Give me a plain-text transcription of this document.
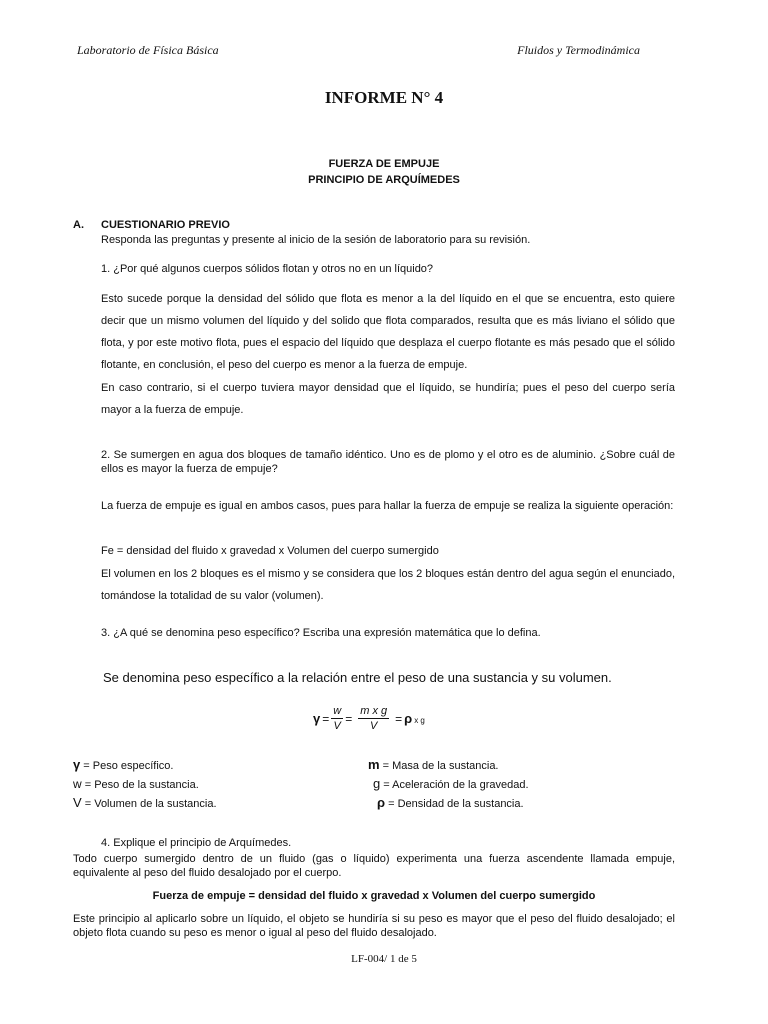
Laboratorio de Física Básica	Fluidos y Termodinámica
INFORME N° 4
FUERZA DE EMPUJE
PRINCIPIO DE ARQUÍMEDES
A. CUESTIONARIO PREVIO
Responda las preguntas y presente al inicio de la sesión de laboratorio para su revisión.
1. ¿Por qué algunos cuerpos sólidos flotan y otros no en un líquido?
Esto sucede porque la densidad del sólido que flota es menor a la del líquido en el que se encuentra, esto quiere decir que un mismo volumen del líquido y del solido que flota comparados, resulta que es más liviano el sólido que flota, y por este motivo flota, pues el espacio del líquido que desplaza el cuerpo flotante es más pesado que el sólido flotante, en conclusión, el peso del cuerpo es menor a la fuerza de empuje.
En caso contrario, si el cuerpo tuviera mayor densidad que el líquido, se hundiría; pues el peso del cuerpo sería mayor a la fuerza de empuje.
2. Se sumergen en agua dos bloques de tamaño idéntico. Uno es de plomo y el otro es de aluminio. ¿Sobre cuál de ellos es mayor la fuerza de empuje?
La fuerza de empuje es igual en ambos casos, pues para hallar la fuerza de empuje se realiza la siguiente operación:
Fe = densidad del fluido x gravedad x Volumen del cuerpo sumergido
El volumen en los 2 bloques es el mismo y se considera que los 2 bloques están dentro del agua según el enunciado, tomándose la totalidad de su valor (volumen).
3. ¿A qué se denomina peso específico? Escriba una expresión matemática que lo defina.
Se denomina peso específico a la relación entre el peso de una sustancia y su volumen.
$\gamma = \frac{w}{V} = \frac{\text{m x g}}{V} = \rho$ x g
γ = Peso específico.
w = Peso de la sustancia.
V = Volumen de la sustancia.
m = Masa de la sustancia.
g = Aceleración de la gravedad.
ρ = Densidad de la sustancia.
4. Explique el principio de Arquímedes.
Todo cuerpo sumergido dentro de un fluido (gas o líquido) experimenta una fuerza ascendente llamada empuje, equivalente al peso del fluido desalojado por el cuerpo.
Fuerza de empuje = densidad del fluido x gravedad x Volumen del cuerpo sumergido
Este principio al aplicarlo sobre un líquido, el objeto se hundiría si su peso es mayor que el peso del fluido desalojado; el objeto flota cuando su peso es menor o igual al peso del fluido desalojado.
LF-004/ 1 de 5
